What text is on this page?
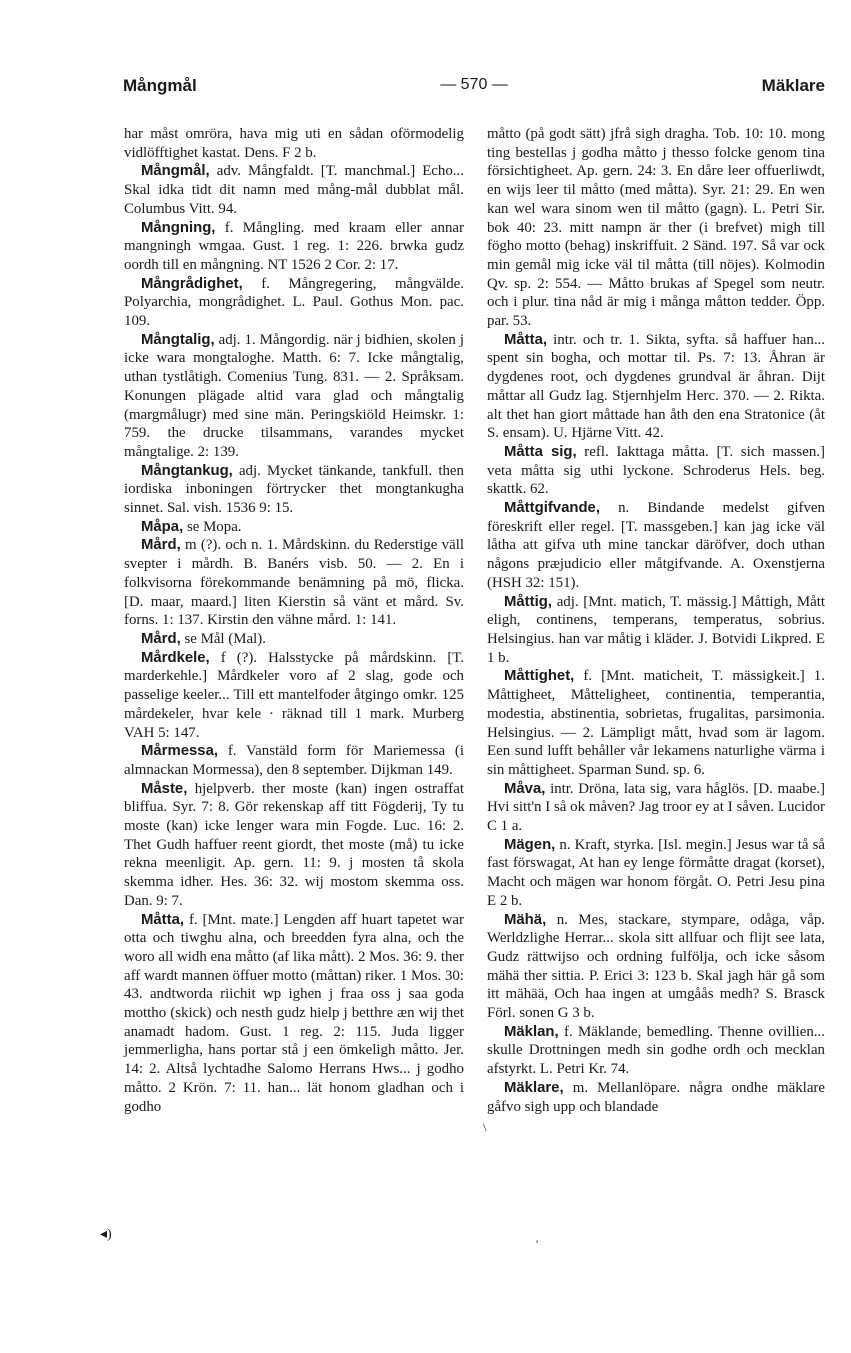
Mångmål	— 570 —	Mäklare
har måst omröra, hava mig uti en sådan oförmodelig vidlöfftighet kastat. Dens. F 2 b.
Mångmål, adv. Mångfaldt. [T. manchmal.] Echo... Skal idka tidt dit namn med mång-mål dubblat mål. Columbus Vitt. 94.
Mångning, f. Mångling. med kraam eller annar mangningh wmgaa. Gust. 1 reg. 1: 226. brwka gudz oordh till en mångning. NT 1526 2 Cor. 2: 17.
Mångrådighet, f. Mångregering, mångvälde. Polyarchia, mongrådighet. L. Paul. Gothus Mon. pac. 109.
Mångtalig, adj. 1. Mångordig. när j bidhien, skolen j icke wara mongtaloghe. Matth. 6: 7. Icke mångtalig, uthan tystlåtigh. Comenius Tung. 831. — 2. Språksam. Konungen plägade altid vara glad och mångtalig (margmålugr) med sine män. Peringskiöld Heimskr. 1: 759. the drucke tilsammans, varandes mycket mångtalige. 2: 139.
Mångtankug, adj. Mycket tänkande, tankfull. then iordiska inboningen förtrycker thet mongtankugha sinnet. Sal. vish. 1536 9: 15.
Måpa, se Mopa.
Mård, m (?). och n. 1. Mårdskinn. du Rederstige väll svepter i mårdh. B. Banérs visb. 50. — 2. En i folkvisorna förekommande benämning på mö, flicka. [D. maar, maard.] liten Kierstin så vänt et mård. Sv. forns. 1: 137. Kirstin den vähne mård. 1: 141.
Mård, se Mål (Mal).
Mårdkele, f (?). Halsstycke på mårdskinn. [T. marderkehle.] Mårdkeler voro af 2 slag, gode och passelige keeler... Till ett mantelfoder åtgingo omkr. 125 mårdekeler, hvar kele · räknad till 1 mark. Murberg VAH 5: 147.
Mårmessa, f. Vanstäld form för Mariemessa (i almnackan Mormessa), den 8 september. Dijkman 149.
Måste, hjelpverb. ther moste (kan) ingen ostraffat bliffua. Syr. 7: 8. Gör rekenskap aff titt Fögderij, Ty tu moste (kan) icke lenger wara min Fogde. Luc. 16: 2. Thet Gudh haffuer reent giordt, thet moste (må) tu icke rekna meenligit. Ap. gern. 11: 9. j mosten tå skola skemma idher. Hes. 36: 32. wij mostom skemma oss. Dan. 9: 7.
Måtta, f. [Mnt. mate.] Lengden aff huart tapetet war otta och tiwghu alna, och breedden fyra alna, och the woro all widh ena måtto (af lika mått). 2 Mos. 36: 9. ther aff wardt mannen öffuer motto (måttan) riker. 1 Mos. 30: 43. andtwordа riichit wp ighen j fraa oss j saa goda mottho (skick) och nesth gudz hielp j betthre æn wij thet anamadt hadom. Gust. 1 reg. 2: 115. Juda ligger jemmerligha, hans portar stå j een ömkeligh måtto. Jer. 14: 2. Altså lychtadhe Salomo Herrans Hws... j godho måtto. 2 Krön. 7: 11. han... lät honom gladhan och i godho
måtto (på godt sätt) jfrå sigh dragha. Tob. 10: 10. mong ting bestellas j godha måtto j thesso folcke genom tina försichtigheet. Ap. gern. 24: 3. En dåre leer offuerliwdt, en wijs leer til måtto (med måtta). Syr. 21: 29. En wen kan wel wara sinom wen til måtto (gagn). L. Petri Sir. bok 40: 23. mitt nampn är ther (i brefvet) migh till föghо motto (behag) inskriffuit. 2 Sänd. 197. Så var ock min gemål mig icke väl til måtta (till nöjes). Kolmodin Qv. sp. 2: 554. — Måtto brukas af Spegel som neutr. och i plur. tina nåd är mig i många måtton tedder. Öpp. par. 53.
Måtta, intr. och tr. 1. Sikta, syfta. så haffuer han... spent sin bogha, och mottar til. Ps. 7: 13. Åhran är dygdenes root, och dygdenes grundval är åhran. Dijt måttar all Gudz lag. Stjernhjelm Herc. 370. — 2. Rikta. alt thet han giort måttade han åth den ena Stratonice (åt S. ensam). U. Hjärne Vitt. 42.
Måtta sig, refl. Iakttaga måtta. [T. sich massen.] veta måtta sig uthi lyckone. Schroderus Hels. beg. skattk. 62.
Måttgifvande, n. Bindande medelst gifven föreskrift eller regel. [T. massgeben.] kan jag icke väl låtha att gifva uth mine tanckar däröfver, doch uthan någons præjudicio eller måtgifvande. A. Oxenstjerna (HSH 32: 151).
Måttig, adj. [Mnt. matich, T. mässig.] Måttigh, Mått​eligh, continens, temperans, temperatus, sobrius. Helsingius. han var måtig i kläder. J. Botvidi Likpred. E 1 b.
Måttighet, f. [Mnt. maticheit, T. mässigkeit.] 1. Måttigheet, Mått​eligheet, continentia, temperantia, modestia, abstinentia, sobrietas, frugalitas, parsimonia. Helsingius. — 2. Lämpligt mått, hvad som är lagom. Een sund lufft behåller vår lekamens naturlighe värma i sin måttigheet. Sparman Sund. sp. 6.
Måva, intr. Dröna, lata sig, vara håglös. [D. maabe.] Hvi sitt'n I så ok måven? Jag troor ey at I såven. Lucidor C 1 a.
Mägen, n. Kraft, styrka. [Isl. megin.] Jesus war tå så fast förswagat, At han ey lenge förmåtte dragat (korset), Macht och mägen war honom förgåt. O. Petri Jesu pina E 2 b.
Mähä, n. Mes, stackare, stympare, odåga, våp. Werldzlighe Herrar... skola sitt allfuar och flijt see lata, Gudz rättwijso och ordning fulföljа, och icke såsom mähä ther sittia. P. Erici 3: 123 b. Skal jagh här gå som itt mähää, Och haa ingen at umgåås medh? S. Brasck Förl. sonen G 3 b.
Mäklan, f. Mäklande, bemedling. Thenne ovillien... skulle Drottningen medh sin godhe ordh och mecklan afstyrkt. L. Petri Kr. 74.
Mäklare, m. Mellanlöpare. några ondhe mäklare gåfvo sigh upp och blandade
◂)
\
'
